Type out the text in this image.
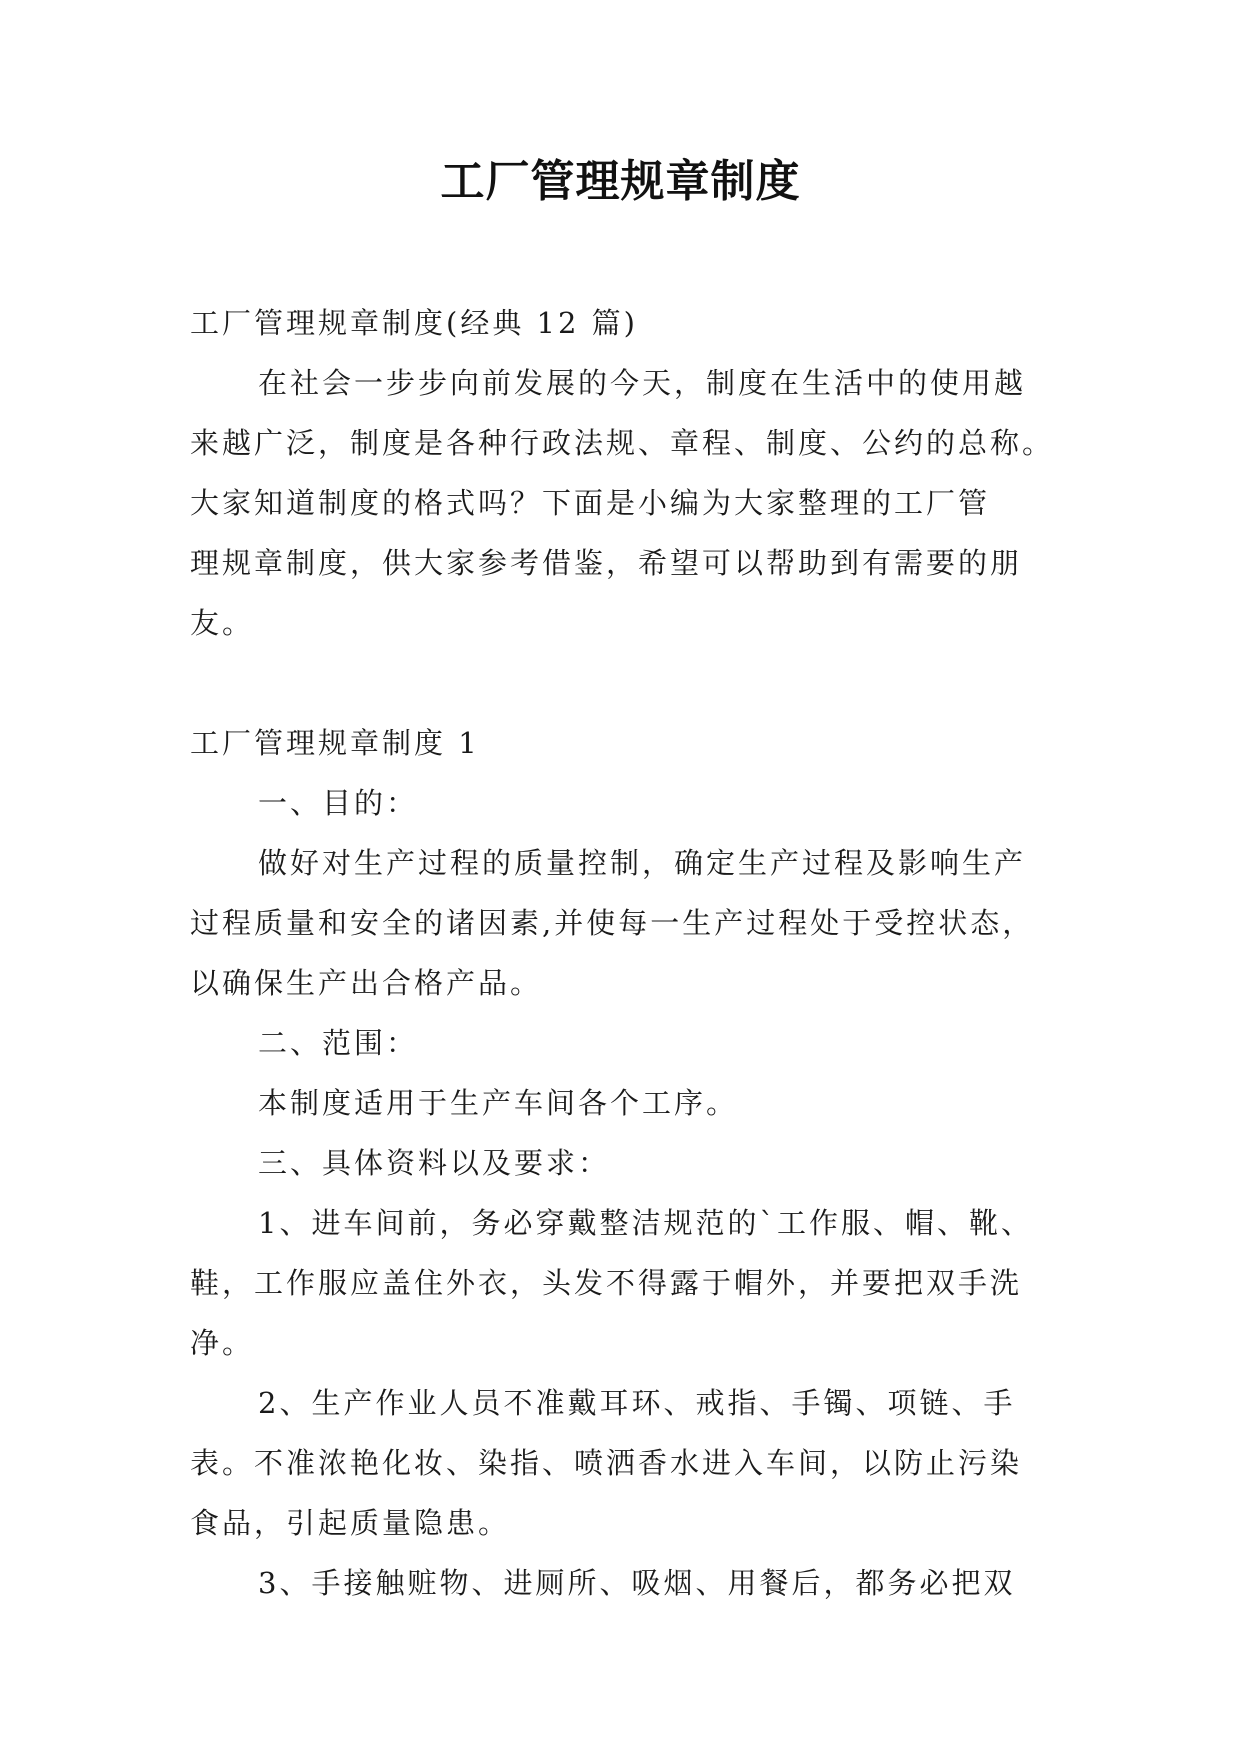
工厂管理规章制度

工厂管理规章制度(经典 12 篇)

在社会一步步向前发展的今天，制度在生活中的使用越

来越广泛，制度是各种行政法规、章程、制度、公约的总称。

大家知道制度的格式吗？下面是小编为大家整理的工厂管

理规章制度，供大家参考借鉴，希望可以帮助到有需要的朋

友。

工厂管理规章制度 1

一、目的：

做好对生产过程的质量控制，确定生产过程及影响生产

过程质量和安全的诸因素,并使每一生产过程处于受控状态，

以确保生产出合格产品。

二、范围：

本制度适用于生产车间各个工序。

三、具体资料以及要求：

1、进车间前，务必穿戴整洁规范的`工作服、帽、靴、

鞋，工作服应盖住外衣，头发不得露于帽外，并要把双手洗

净。

2、生产作业人员不准戴耳环、戒指、手镯、项链、手

表。不准浓艳化妆、染指、喷洒香水进入车间，以防止污染

食品，引起质量隐患。

3、手接触赃物、进厕所、吸烟、用餐后，都务必把双
